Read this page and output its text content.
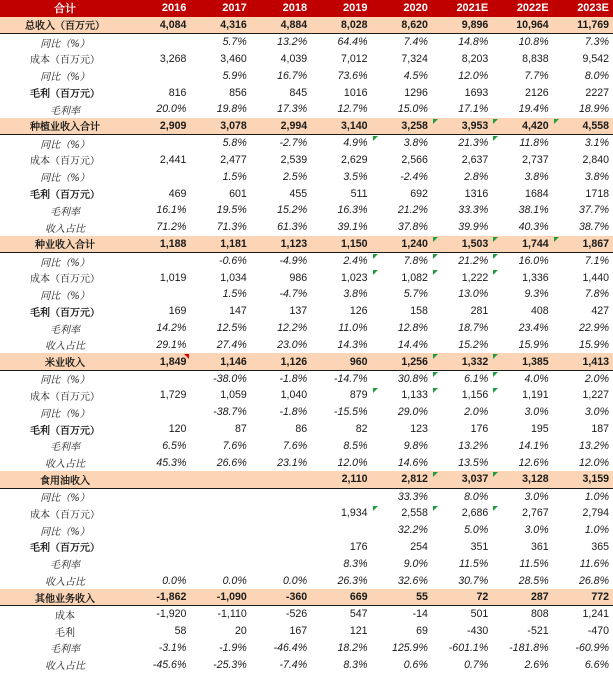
合计	2016	2017	2018	2019	2020	2021E	2022E	2023E
总收入（百万元）	4,084	4,316	4,884	8,028	8,620	9,896	10,964	11,769
同比（%）		5.7%	13.2%	64.4%	7.4%	14.8%	10.8%	7.3%
成本（百万元）	3,268	3,460	4,039	7,012	7,324	8,203	8,838	9,542
同比（%）		5.9%	16.7%	73.6%	4.5%	12.0%	7.7%	8.0%
毛利（百万元）	816	856	845	1016	1296	1693	2126	2227
毛利率	20.0%	19.8%	17.3%	12.7%	15.0%	17.1%	19.4%	18.9%
种植业收入合计	2,909	3,078	2,994	3,140	3,258	3,953	4,420	4,558
同比（%）		5.8%	-2.7%	4.9%	3.8%	21.3%	11.8%	3.1%
成本（百万元）	2,441	2,477	2,539	2,629	2,566	2,637	2,737	2,840
同比（%）		1.5%	2.5%	3.5%	-2.4%	2.8%	3.8%	3.8%
毛利（百万元）	469	601	455	511	692	1316	1684	1718
毛利率	16.1%	19.5%	15.2%	16.3%	21.2%	33.3%	38.1%	37.7%
收入占比	71.2%	71.3%	61.3%	39.1%	37.8%	39.9%	40.3%	38.7%
种业收入合计	1,188	1,181	1,123	1,150	1,240	1,503	1,744	1,867
同比（%）		-0.6%	-4.9%	2.4%	7.8%	21.2%	16.0%	7.1%
成本（百万元）	1,019	1,034	986	1,023	1,082	1,222	1,336	1,440
同比（%）		1.5%	-4.7%	3.8%	5.7%	13.0%	9.3%	7.8%
毛利（百万元）	169	147	137	126	158	281	408	427
毛利率	14.2%	12.5%	12.2%	11.0%	12.8%	18.7%	23.4%	22.9%
收入占比	29.1%	27.4%	23.0%	14.3%	14.4%	15.2%	15.9%	15.9%
米业收入	1,849	1,146	1,126	960	1,256	1,332	1,385	1,413
同比（%）		-38.0%	-1.8%	-14.7%	30.8%	6.1%	4.0%	2.0%
成本（百万元）	1,729	1,059	1,040	879	1,133	1,156	1,191	1,227
同比（%）		-38.7%	-1.8%	-15.5%	29.0%	2.0%	3.0%	3.0%
毛利（百万元）	120	87	86	82	123	176	195	187
毛利率	6.5%	7.6%	7.6%	8.5%	9.8%	13.2%	14.1%	13.2%
收入占比	45.3%	26.6%	23.1%	12.0%	14.6%	13.5%	12.6%	12.0%
食用油收入				2,110	2,812	3,037	3,128	3,159
同比（%）					33.3%	8.0%	3.0%	1.0%
成本（百万元）				1,934	2,558	2,686	2,767	2,794
同比（%）					32.2%	5.0%	3.0%	1.0%
毛利（百万元）				176	254	351	361	365
毛利率				8.3%	9.0%	11.5%	11.5%	11.6%
收入占比	0.0%	0.0%	0.0%	26.3%	32.6%	30.7%	28.5%	26.8%
其他业务收入	-1,862	-1,090	-360	669	55	72	287	772
成本	-1,920	-1,110	-526	547	-14	501	808	1,241
毛利	58	20	167	121	69	-430	-521	-470
毛利率	-3.1%	-1.9%	-46.4%	18.2%	125.9%	-601.1%	-181.8%	-60.9%
收入占比	-45.6%	-25.3%	-7.4%	8.3%	0.6%	0.7%	2.6%	6.6%
